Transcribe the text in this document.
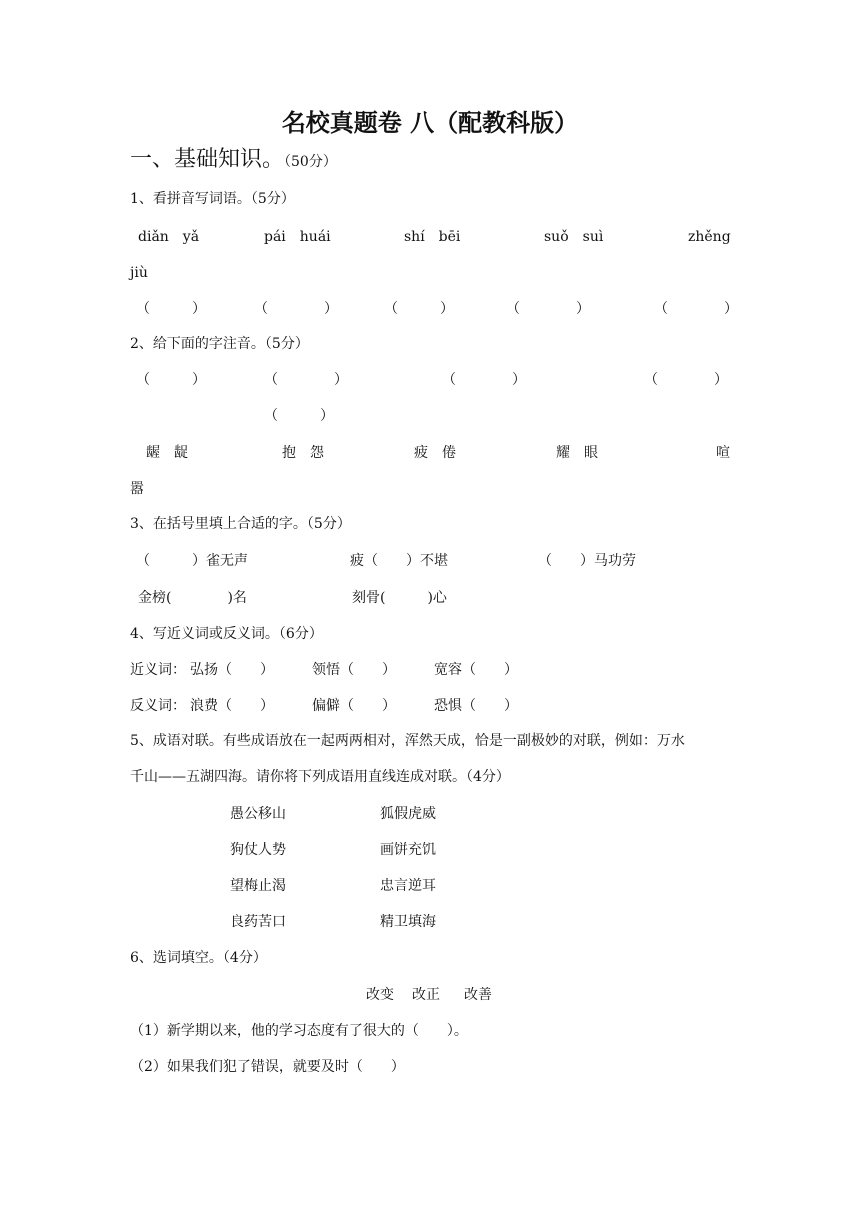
名校真题卷 八（配教科版）
一、基础知识。（50分）
1、看拼音写词语。（5分）
diǎn　yǎ	pái　huái	shí　bēi	suǒ　suì	zhěng
jiù
（　　　）	（　　　　）	（　　　）	（　　　　）	（　　　　）
2、给下面的字注音。（5分）
（　　　）	（　　　　）	（　　　　）	（　　　　）
（　　　）
龌　龊	抱　怨	疲　倦	耀　眼	喧
嚣
3、在括号里填上合适的字。（5分）
（　　　）雀无声	疲（　　）不堪	（　　）马功劳
金榜(　　　　)名	刻骨(　　　)心
4、写近义词或反义词。（6分）
近义词： 弘扬（　　）	领悟（　　）	宽容（　　）
反义词： 浪费（　　）	偏僻（　　）	恐惧（　　）
5、成语对联。有些成语放在一起两两相对，浑然天成，恰是一副极妙的对联，例如：万水
千山——五湖四海。请你将下列成语用直线连成对联。（4分）
愚公移山	狐假虎威
狗仗人势	画饼充饥
望梅止渴	忠言逆耳
良药苦口	精卫填海
6、选词填空。（4分）
改变 改正 改善
（1）新学期以来，他的学习态度有了很大的（　　）。
（2）如果我们犯了错误，就要及时（　　）
